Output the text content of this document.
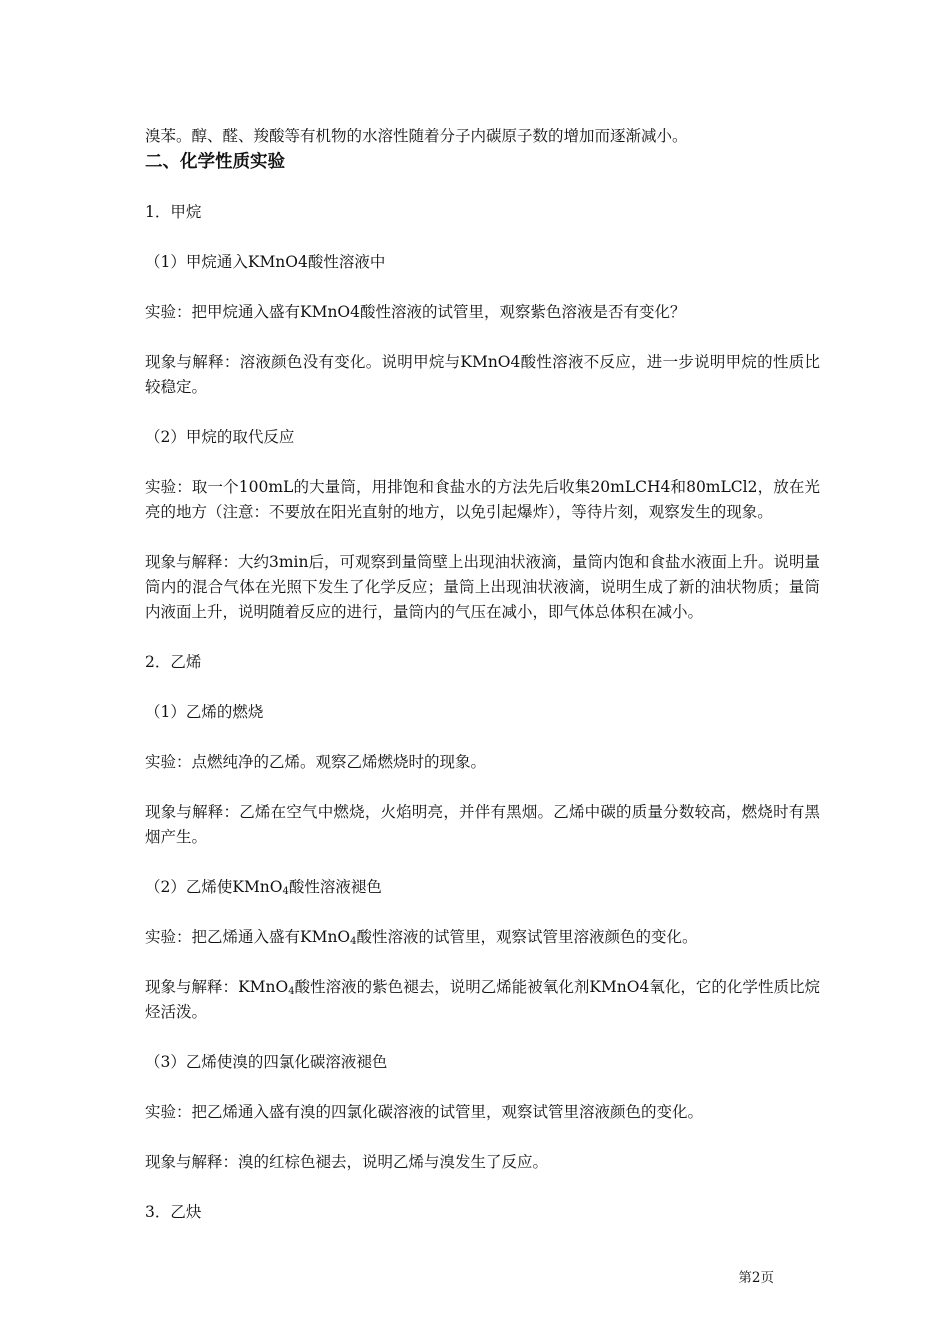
溴苯。醇、醛、羧酸等有机物的水溶性随着分子内碳原子数的增加而逐渐减小。

二、化学性质实验

1．甲烷

（1）甲烷通入KMnO4酸性溶液中

实验：把甲烷通入盛有KMnO4酸性溶液的试管里，观察紫色溶液是否有变化？

现象与解释：溶液颜色没有变化。说明甲烷与KMnO4酸性溶液不反应，进一步说明甲烷的性质比较稳定。

（2）甲烷的取代反应

实验：取一个100mL的大量筒，用排饱和食盐水的方法先后收集20mLCH4和80mLCl2，放在光亮的地方（注意：不要放在阳光直射的地方，以免引起爆炸），等待片刻，观察发生的现象。

现象与解释：大约3min后，可观察到量筒壁上出现油状液滴，量筒内饱和食盐水液面上升。说明量筒内的混合气体在光照下发生了化学反应；量筒上出现油状液滴，说明生成了新的油状物质；量筒内液面上升，说明随着反应的进行，量筒内的气压在减小，即气体总体积在减小。

2．乙烯

（1）乙烯的燃烧

实验：点燃纯净的乙烯。观察乙烯燃烧时的现象。

现象与解释：乙烯在空气中燃烧，火焰明亮，并伴有黑烟。乙烯中碳的质量分数较高，燃烧时有黑烟产生。

（2）乙烯使KMnO$_4$酸性溶液褪色

实验：把乙烯通入盛有KMnO$_4$酸性溶液的试管里，观察试管里溶液颜色的变化。

现象与解释：KMnO$_4$酸性溶液的紫色褪去，说明乙烯能被氧化剂KMnO4氧化，它的化学性质比烷烃活泼。

（3）乙烯使溴的四氯化碳溶液褪色

实验：把乙烯通入盛有溴的四氯化碳溶液的试管里，观察试管里溶液颜色的变化。

现象与解释：溴的红棕色褪去，说明乙烯与溴发生了反应。

3．乙炔

第2页
